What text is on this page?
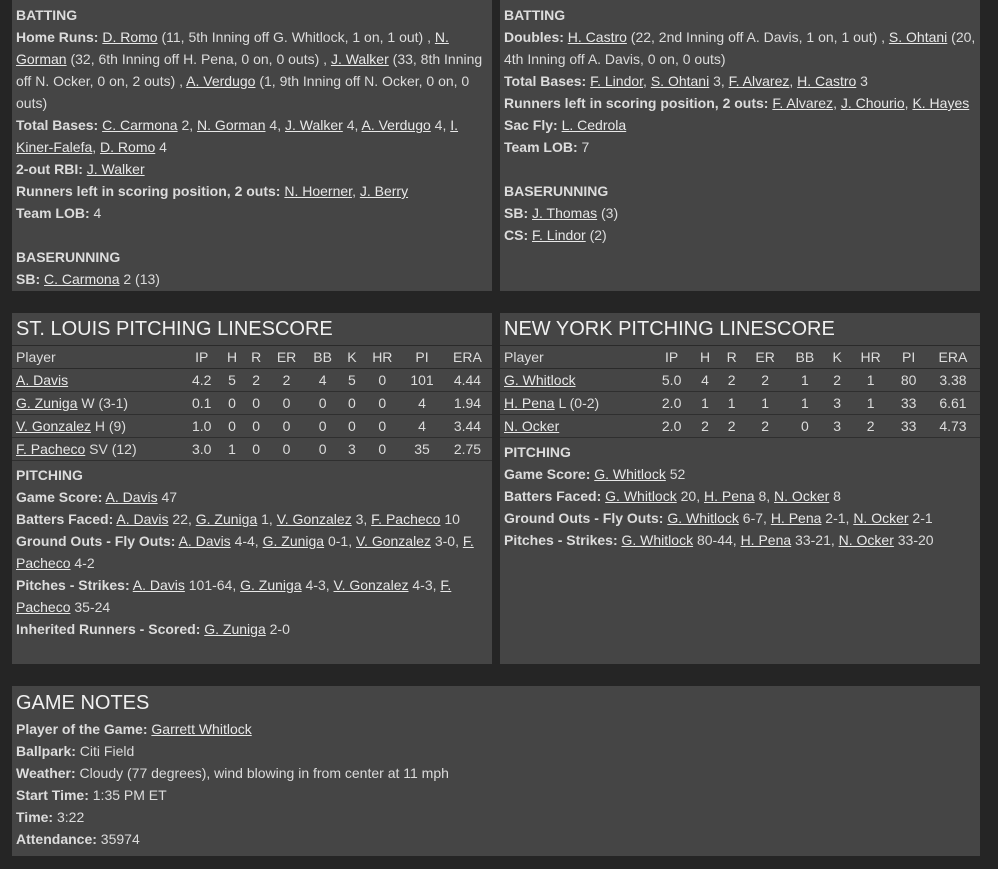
BATTING
Home Runs: D. Romo (11, 5th Inning off G. Whitlock, 1 on, 1 out) , N. Gorman (32, 6th Inning off H. Pena, 0 on, 0 outs) , J. Walker (33, 8th Inning off N. Ocker, 0 on, 2 outs) , A. Verdugo (1, 9th Inning off N. Ocker, 0 on, 0 outs)
Total Bases: C. Carmona 2, N. Gorman 4, J. Walker 4, A. Verdugo 4, I. Kiner-Falefa, D. Romo 4
2-out RBI: J. Walker
Runners left in scoring position, 2 outs: N. Hoerner, J. Berry
Team LOB: 4

BASERUNNING
SB: C. Carmona 2 (13)
BATTING
Doubles: H. Castro (22, 2nd Inning off A. Davis, 1 on, 1 out) , S. Ohtani (20, 4th Inning off A. Davis, 0 on, 0 outs)
Total Bases: F. Lindor, S. Ohtani 3, F. Alvarez, H. Castro 3
Runners left in scoring position, 2 outs: F. Alvarez, J. Chourio, K. Hayes
Sac Fly: L. Cedrola
Team LOB: 7

BASERUNNING
SB: J. Thomas (3)
CS: F. Lindor (2)
ST. LOUIS PITCHING LINESCORE
Player	IP	H	R	ER	BB	K	HR	PI	ERA
A. Davis	4.2	5	2	2	4	5	0	101	4.44
G. Zuniga W (3-1)	0.1	0	0	0	0	0	0	4	1.94
V. Gonzalez H (9)	1.0	0	0	0	0	0	0	4	3.44
F. Pacheco SV (12)	3.0	1	0	0	0	3	0	35	2.75
PITCHING
Game Score: A. Davis 47
Batters Faced: A. Davis 22, G. Zuniga 1, V. Gonzalez 3, F. Pacheco 10
Ground Outs - Fly Outs: A. Davis 4-4, G. Zuniga 0-1, V. Gonzalez 3-0, F. Pacheco 4-2
Pitches - Strikes: A. Davis 101-64, G. Zuniga 4-3, V. Gonzalez 4-3, F. Pacheco 35-24
Inherited Runners - Scored: G. Zuniga 2-0
NEW YORK PITCHING LINESCORE
Player	IP	H	R	ER	BB	K	HR	PI	ERA
G. Whitlock	5.0	4	2	2	1	2	1	80	3.38
H. Pena L (0-2)	2.0	1	1	1	1	3	1	33	6.61
N. Ocker	2.0	2	2	2	0	3	2	33	4.73
PITCHING
Game Score: G. Whitlock 52
Batters Faced: G. Whitlock 20, H. Pena 8, N. Ocker 8
Ground Outs - Fly Outs: G. Whitlock 6-7, H. Pena 2-1, N. Ocker 2-1
Pitches - Strikes: G. Whitlock 80-44, H. Pena 33-21, N. Ocker 33-20
GAME NOTES
Player of the Game: Garrett Whitlock
Ballpark: Citi Field
Weather: Cloudy (77 degrees), wind blowing in from center at 11 mph
Start Time: 1:35 PM ET
Time: 3:22
Attendance: 35974
